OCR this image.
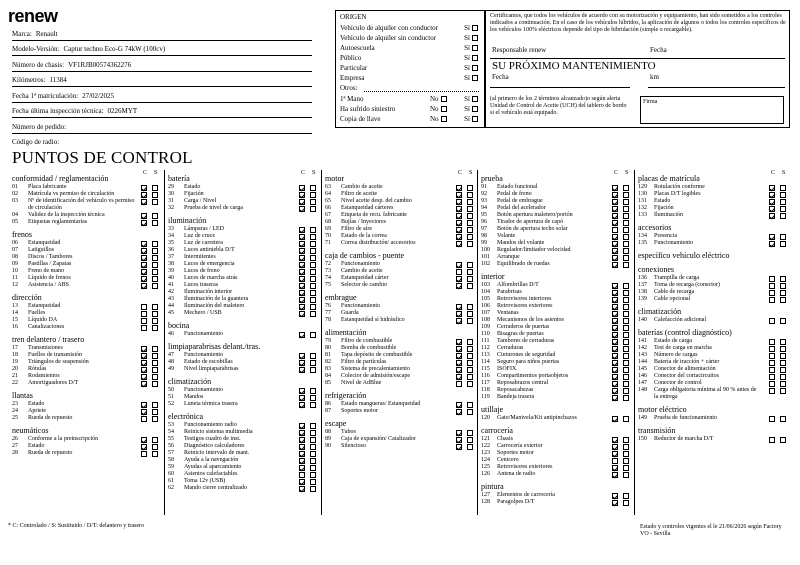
renew
Marca: Renault
Modelo-Versión: Captur techno Eco-G 74kW (100cv)
Número de chasis: VF1RJB00574362276
Kilómetros: 11384
Fecha 1ª matriculación: 27/02/2025
Fecha última inspección técnica: 0226MYT
Número de pedido:
Código de radio:
ORIGEN
Vehículo de alquiler con conductor	Sí
Vehículo de alquiler sin conductor	Sí
Autoescuela	Sí
Público	Sí
Particular	Sí
Empresa	Sí
Otros:
1ª Mano	No	Sí
Ha sufrido siniestro	No	Sí
Copia de llave	No	Sí
Certificamos, que todos los vehículos de acuerdo con su motorización y equipamiento, han sido sometidos a los controles indicados a continuación. En el caso de los vehículos híbridos, la aplicación de algunos o todos los controles específicos de los vehículos 100% eléctricos depende del tipo de hibridación (simple o recargable).
Responsable renew	Fecha
SU PRÓXIMO MANTENIMIENTO
Fecha	km
(al primero de los 2 términos alcanzado)o según alerta Unidad de Control de Aceite (UCH) del tablero de bordo si el vehículo está equipado.
Firma
PUNTOS DE CONTROL
C S
conformidad / reglamentación
01 Placa fabricante
02 Matrícula vs permiso de circulación
03 Nº de identificación del vehículo vs permiso
de circulación
04 Validez de la inspección técnica
05 Etiquetas reglamentarias
frenos
06 Estanqueidad
07 Latiguillos
08 Discos / Tambores
09 Pastillas / Zapatas
10 Freno de mano
11 Líquido de frenos
12 Asistencia / ABS
dirección
13 Estanqueidad
14 Fuelles
15 Líquido DA
16 Canalizaciones
tren delantero / trasero
17 Transmisiones
18 Fuelles de transmisión
19 Triángulos de suspensión
20 Rótulas
21 Rodamientos
22 Amortiguadores D/T
llantas
23 Estado
24 Apriete
25 Rueda de repuesto
neumáticos
26 Conforme a la preinscripción
27 Estado
28 Rueda de repuesto
C S
batería
29 Estado
30 Fijación
31 Carga / Nivel
32 Prueba de nivel de carga
iluminación
33 Lámparas / LED
34 Luz de cruce
35 Luz de carretera
36 Luces antiniebla D/T
37 Intermitentes
38 Luces de emergencia
39 Luces de freno
40 Luces de marcha atrás
41 Luces traseras
42 Iluminación interior
43 Iluminación de la guantera
44 Iluminación del maletero
45 Mechero / USB
bocina
46 Funcionamiento
limpiaparabrisas delant./tras.
47 Funcionamiento
48 Estado de escobillas
49 Nivel limpiaparabrisas
climatización
50 Funcionamiento
51 Mandos
52 Luneta térmica trasera
electrónica
53 Funcionamiento radio
54 Reinicio sistema multimedia
55 Testigos cuadro de inst.
56 Diagnóstico calculadores
57 Reinicio intervalo de mant.
58 Ayuda a la navegación
59 Ayudas al aparcamiento
60 Asientos calefactables
61 Toma 12v (USB)
62 Mando cierre centralizado
C S
motor
63 Cambio de aceite
64 Filtro de aceite
65 Nivel aceite desp. del cambio
66 Estanqueidad cárteres
67 Etiqueta de recu. fabricante
68 Bujías / Inyectores
69 Filtro de aire
70 Estado de la correa
71 Correa distribución/ accesorios
caja de cambios - puente
72 Funcionamiento
73 Cambio de aceite
74 Estanqueidad cárter
75 Selector de cambio
embrague
76 Funcionamiento
77 Guarda
78 Estanqueidad sí hidráulico
alimentación
79 Filtro de combustible
80 Bomba de combustible
81 Tapa depósito de combustible
82 Filtro de partículas
83 Sistema de precalentamiento
84 Colector de admisión/escape
85 Nivel de AdBlue
refrigeración
86 Estado mangueras/ Estanqueidad
87 Soportes motor
escape
88 Tubos
89 Caja de expansión/ Catalizador
90 Silencioso
C S
prueba
91 Estado funcional
92 Pedal de freno
93 Pedal de embrague
94 Pedal del acelerador
95 Botón apertura maletero/portón
96 Tirador de apertura de capó
97 Botón de apertura techo solar
98 Volante
99 Mandos del volante
100 Regulador/limitador velocidad
101 Arranque
102 Equilibrado de ruedas
interior
103 Alfombrillas D/T
104 Parabrisas
105 Retrovisores interiores
106 Retrovisores exteriores
107 Ventanas
108 Mecanismos de los asientos
109 Cerraderos de puertas
110 Bisagras de puertas
111 Tambores de cerraduras
112 Cerraduras
113 Cinturones de seguridad
114 Seguro para niños puertas
115 ISOFIX
116 Compartimentos portaobjetos
117 Reposabrazos central
118 Reposacabezas
119 Bandeja trasera
utillaje
120 Gato/Manivela/Kit antipinchazos
carrocería
121 Chasis
122 Carrocería exterior
123 Soportes motor
124 Cenicero
125 Retrovisores exteriores
126 Antena de radio
pintura
127 Elementos de carrocería
128 Paragolpes D/T
C S
placas de matrícula
129 Rotulación conforme
130 Placas D/T legibles
131 Estado
132 Fijación
133 Iluminación
accesorios
134 Presencia
135 Funcionamiento
específico vehículo eléctrico
conexiones
136 Trampilla de carga
137 Toma de recarga (conector)
138 Cable de recarga
139 Cable opcional
climatización
140 Calefacción adicional
baterías (control diagnóstico)
141 Estado de carga
142 Test de carga en marcha
143 Número de cargas
144 Batería de tracción + cárter
145 Conector de alimentación
146 Conector del cortacircuitos
147 Conector de control
148 Carga obligatoria mínima al 90 % antes de
la entrega
motor eléctrico
149 Prueba de funcionamiento
transmisión
150 Reductor de marcha D/T
* C: Controlado / S: Sustituido / D/T: delantero y trasero	Estado y controles vigentes el le 21/06/2026 según Factory VO - Sevilla
